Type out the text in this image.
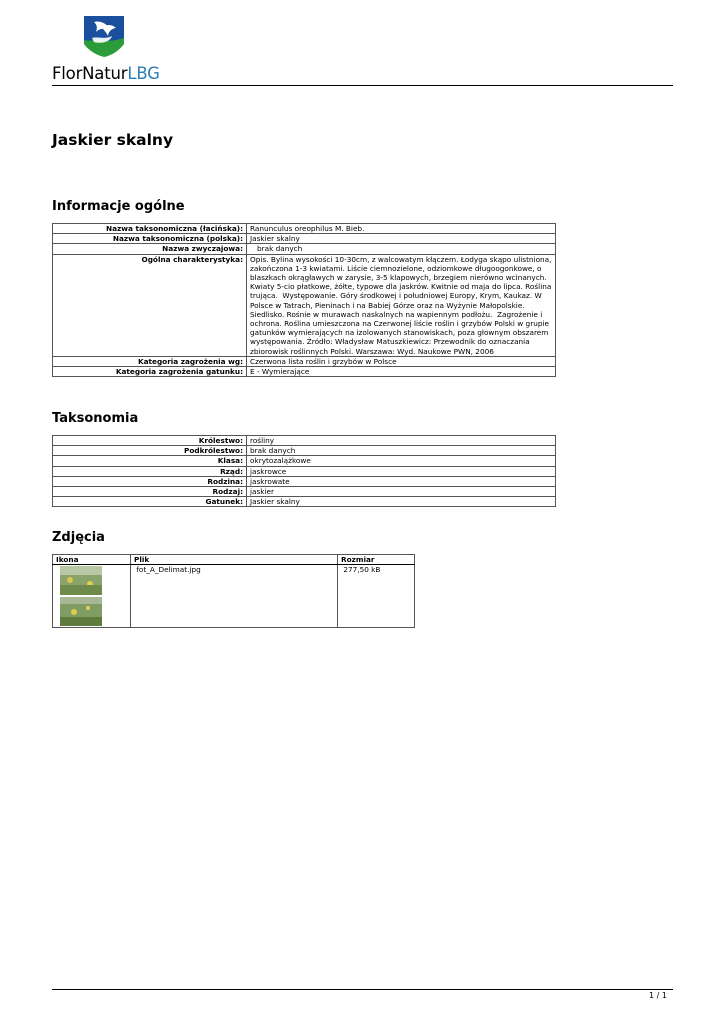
FlorNaturLBG
Jaskier skalny
Informacje ogólne
Nazwa taksonomiczna (łacińska):	Ranunculus oreophilus M. Bieb.
Nazwa taksonomiczna (polska):	Jaskier skalny
Nazwa zwyczajowa:	brak danych
Ogólna charakterystyka:	Opis. Bylina wysokości 10-30cm, z walcowatym kłączem. Łodyga skąpo ulistniona, zakończona 1-3 kwiatami. Liście ciemnozielone, odziomkowe długoogonkowe, o blaszkach okrągławych w zarysie, 3-5 klapowych, brzegiem nierówno wcinanych. Kwiaty 5-cio płatkowe, żółte, typowe dla jaskrów. Kwitnie od maja do lipca. Roślina trująca.  Występowanie. Góry środkowej i południowej Europy, Krym, Kaukaz. W Polsce w Tatrach, Pieninach i na Babiej Górze oraz na Wyżynie Małopolskie.  Siedlisko. Rośnie w murawach naskalnych na wapiennym podłożu.  Zagrożenie i ochrona. Roślina umieszczona na Czerwonej liście roślin i grzybów Polski w grupie gatunków wymierających na izolowanych stanowiskach, poza głownym obszarem występowania. Źródło: Władysław Matuszkiewicz: Przewodnik do oznaczania zbiorowisk roślinnych Polski. Warszawa: Wyd. Naukowe PWN, 2006
Kategoria zagrożenia wg:	Czerwona lista roślin i grzybów w Polsce
Kategoria zagrożenia gatunku:	E - Wymierające
Taksonomia
Królestwo:	rośliny
Podkrólestwo:	brak danych
Klasa:	okrytozalążkowe
Rząd:	jaskrowce
Rodzina:	jaskrowate
Rodzaj:	jaskier
Gatunek:	Jaskier skalny
Zdjęcia
Ikona	Plik	Rozmiar

	fot_A_Delimat.jpg	277,50 kB
1 / 1
